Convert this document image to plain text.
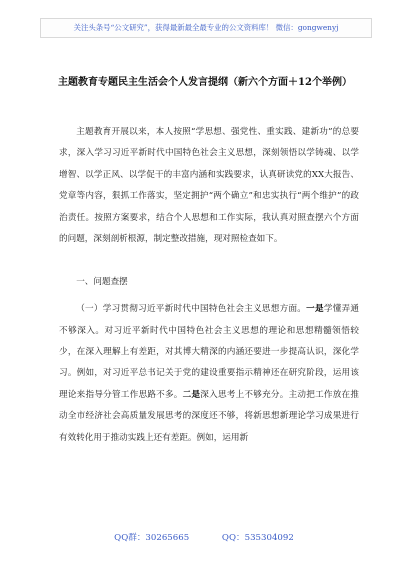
关注头条号“公文研究”，获得最新最全最专业的公文资料库！ 微信：gongwenyj
主题教育专题民主生活会个人发言提纲（新六个方面＋12个举例）

主题教育开展以来，本人按照“学思想、强党性、重实践、建新功”的总要求，深入学习习近平新时代中国特色社会主义思想，深刻领悟以学铸魂、以学增智、以学正风、以学促干的丰富内涵和实践要求，认真研读党的XX大报告、党章等内容，狠抓工作落实，坚定拥护“两个确立”和忠实执行“两个维护”的政治责任。按照方案要求，结合个人思想和工作实际，我认真对照查摆六个方面的问题，深刻剖析根源，制定整改措施，现对照检查如下。

一、问题查摆

（一）学习贯彻习近平新时代中国特色社会主义思想方面。一是学懂弄通不够深入。对习近平新时代中国特色社会主义思想的理论和思想精髓领悟较少，在深入理解上有差距，对其博大精深的内涵还要进一步提高认识，深化学习。例如，对习近平总书记关于党的建设重要指示精神还在研究阶段，运用该理论来指导分管工作思路不多。二是深入思考上不够充分。主动把工作放在推动全市经济社会高质量发展思考的深度还不够，将新思想新理论学习成果进行有效转化用于推动实践上还有差距。例如，运用新

QQ群：30265665	QQ：535304092
